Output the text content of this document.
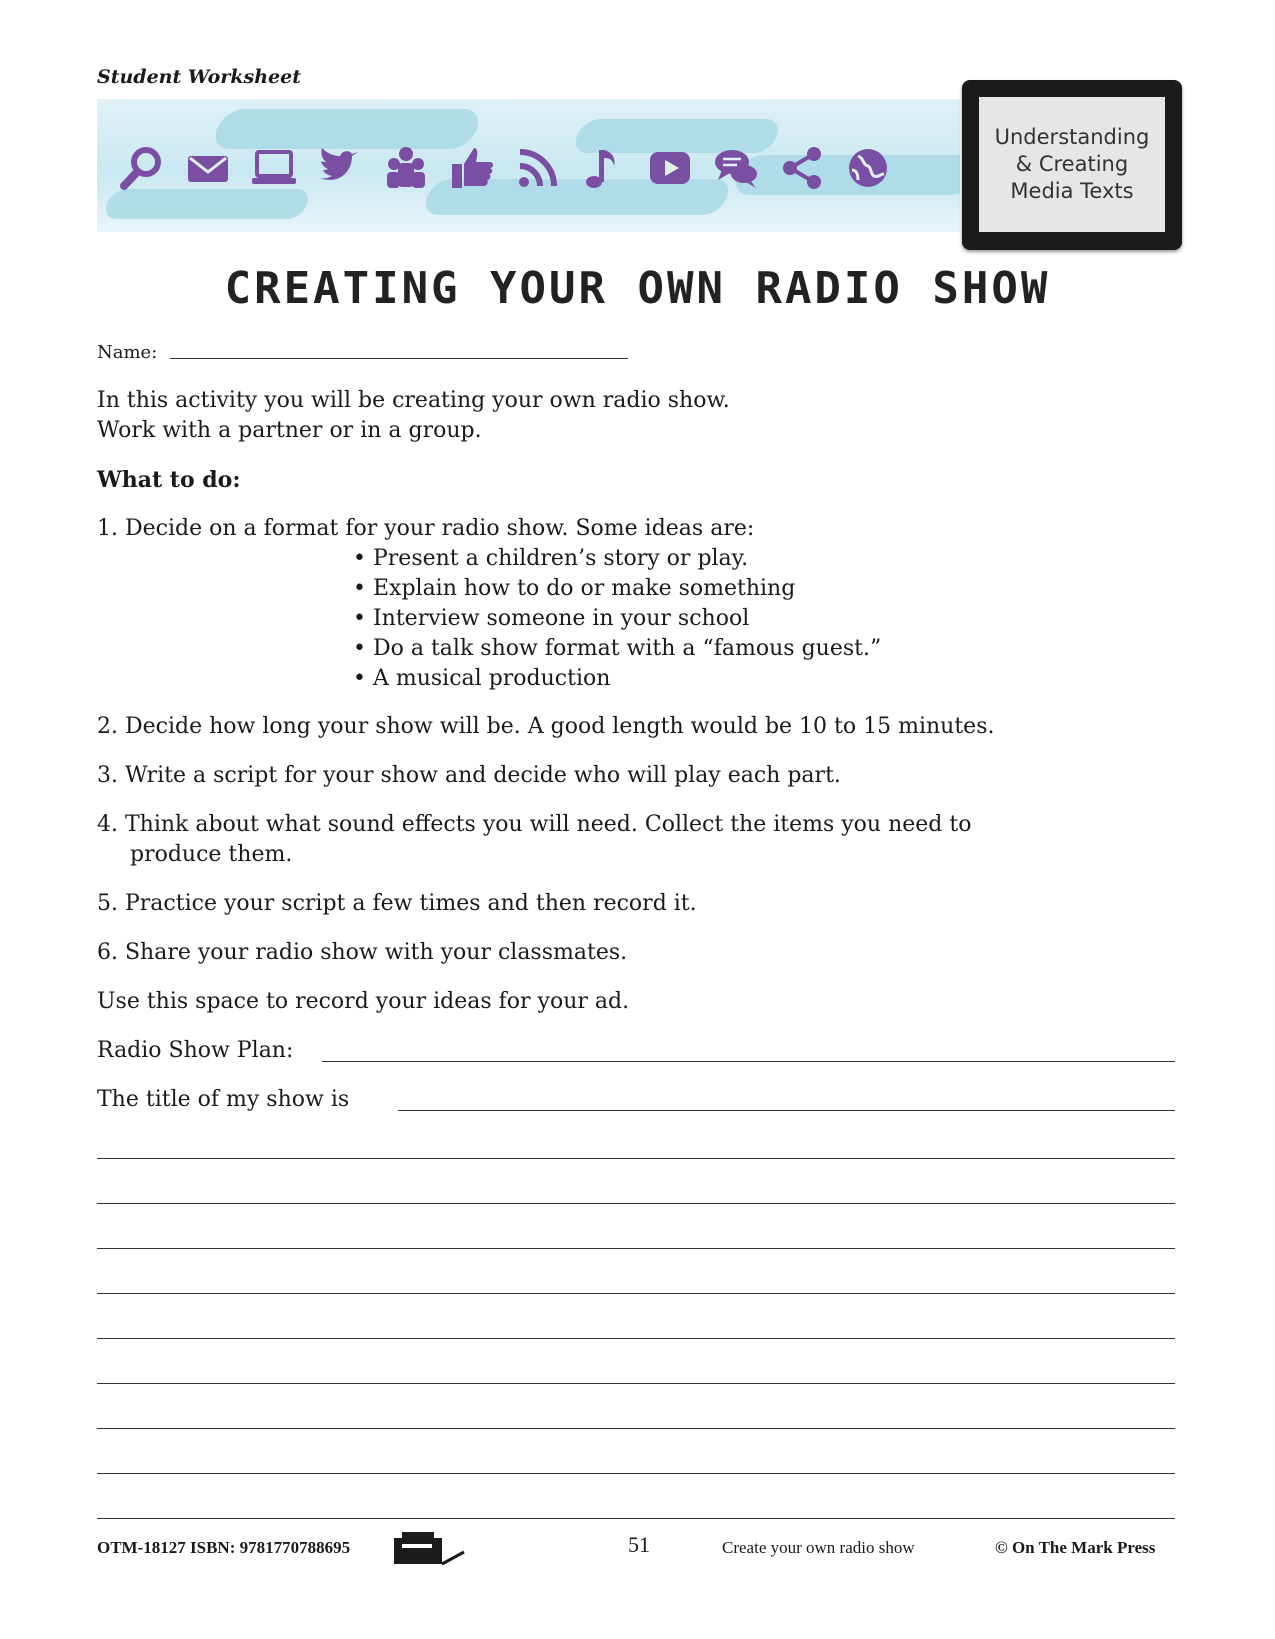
Student Worksheet
Understanding
& Creating
Media Texts
CREATING YOUR OWN RADIO SHOW
Name:
In this activity you will be creating your own radio show.
Work with a partner or in a group.
What to do:
1. Decide on a format for your radio show. Some ideas are:
• Present a children’s story or play.
• Explain how to do or make something
• Interview someone in your school
• Do a talk show format with a “famous guest.”
• A musical production
2. Decide how long your show will be. A good length would be 10 to 15 minutes.
3. Write a script for your show and decide who will play each part.
4. Think about what sound effects you will need. Collect the items you need to
produce them.
5. Practice your script a few times and then record it.
6. Share your radio show with your classmates.
Use this space to record your ideas for your ad.
Radio Show Plan:
The title of my show is
OTM-18127 ISBN: 9781770788695	51	Create your own radio show	© On The Mark Press
